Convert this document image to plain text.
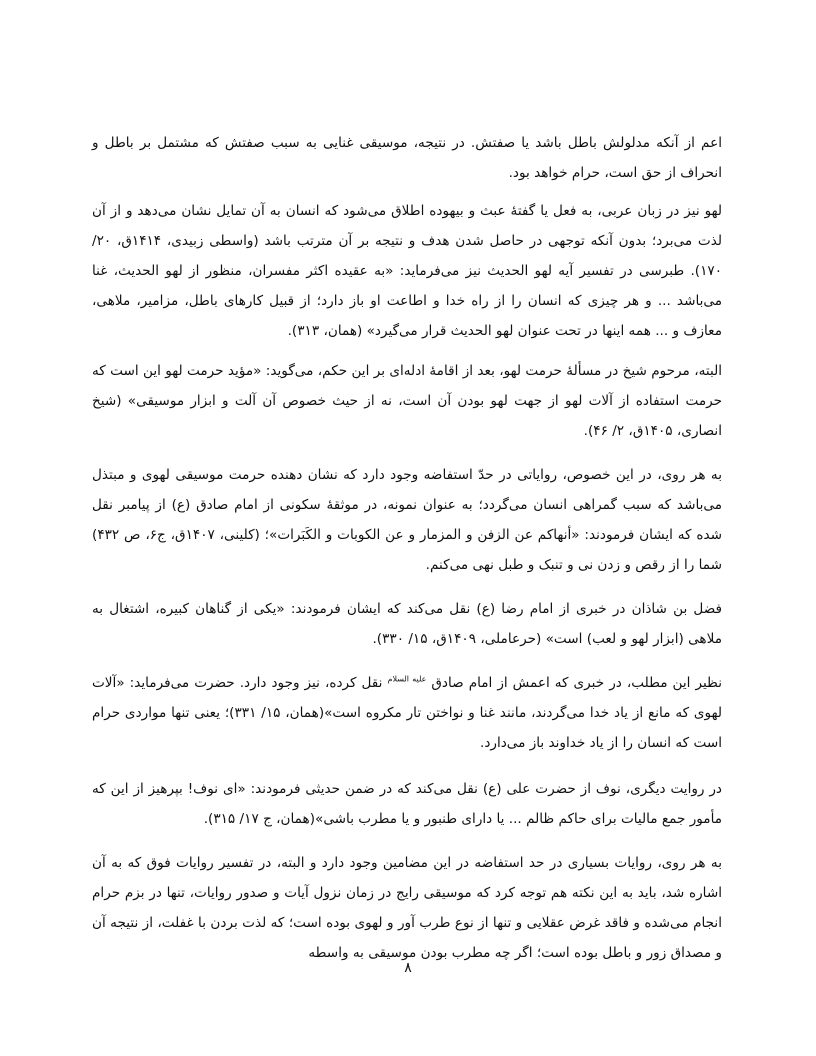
اعم از آنکه مدلولش باطل باشد یا صفتش. در نتیجه، موسیقی غنایی به سبب صفتش که مشتمل بر باطل و انحراف از حق است، حرام خواهد بود.

لهو نیز در زبان عربی، به فعل یا گفتهٔ عبث و بیهوده اطلاق می‌شود که انسان به آن تمایل نشان می‌دهد و از آن لذت می‌برد؛ بدون آنکه توجهی در حاصل شدن هدف و نتیجه بر آن مترتب باشد (واسطی زبیدی، ۱۴۱۴ق، ۲۰/ ۱۷۰). طبرسی در تفسیر آیه لهو الحدیث نیز می‌فرماید: «به عقیده اکثر مفسران، منظور از لهو الحدیث، غنا می‌باشد ... و هر چیزی که انسان را از راه خدا و اطاعت او باز دارد؛ از قبیل کارهای باطل، مزامیر، ملاهی، معازف و ... همه اینها در تحت عنوان لهو الحدیث قرار می‌گیرد» (همان، ۳۱۳).

البته، مرحوم شیخ در مسألهٔ حرمت لهو، بعد از اقامهٔ ادله‌ای بر این حکم، می‌گوید: «مؤید حرمت لهو این است که حرمت استفاده از آلات لهو از جهت لهو بودن آن است، نه از حیث خصوص آن آلت و ابزار موسیقی» (شیخ انصاری، ۱۴۰۵ق، ۲/ ۴۶).

به هر روی، در این خصوص، روایاتی در حدّ استفاضه وجود دارد که نشان دهنده حرمت موسیقی لهوی و مبتذل می‌باشد که سبب گمراهی انسان می‌گردد؛ به عنوان نمونه، در موثقهٔ سکونی از امام صادق (ع) از پیامبر نقل شده که ایشان فرمودند: «أنهاکم عن الزفن و المزمار و عن الکوبات و الکَبَرات»؛ (کلینی، ۱۴۰۷ق، ج۶، ص ۴۳۲) شما را از رقص و زدن نی و تنبک و طبل نهی می‌کنم.

فضل بن شاذان در خبری از امام رضا (ع) نقل می‌کند که ایشان فرمودند: «یکی از گناهان کبیره، اشتغال به ملاهی (ابزار لهو و لعب) است» (حرعاملی، ۱۴۰۹ق، ۱۵/ ۳۳۰).

نظیر این مطلب، در خبری که اعمش از امام صادق $^{علیه السلام}$ نقل کرده، نیز وجود دارد. حضرت می‌فرماید: «آلات لهوی که مانع از یاد خدا می‌گردند، مانند غنا و نواختن تار مکروه است»(همان، ۱۵/ ۳۳۱)؛ یعنی تنها مواردی حرام است که انسان را از یاد خداوند باز می‌دارد.

در روایت دیگری، نوف از حضرت علی (ع) نقل می‌کند که در ضمن حدیثی فرمودند: «ای نوف! بپرهیز از این که مأمور جمع مالیات برای حاکم ظالم ... یا دارای طنبور و یا مطرب باشی»(همان، ج ۱۷/ ۳۱۵).

به هر روی، روایات بسیاری در حد استفاضه در این مضامین وجود دارد و البته، در تفسیر روایات فوق که به آن اشاره شد، باید به این نکته هم توجه کرد که موسیقی رایج در زمان نزول آیات و صدور روایات، تنها در بزم حرام انجام می‌شده و فاقد غرض عقلایی و تنها از نوع طرب آور و لهوی بوده است؛ که لذت بردن با غفلت، از نتیجه آن و مصداق زور و باطل بوده است؛ اگر چه مطرب بودن موسیقی به واسطه

۸
